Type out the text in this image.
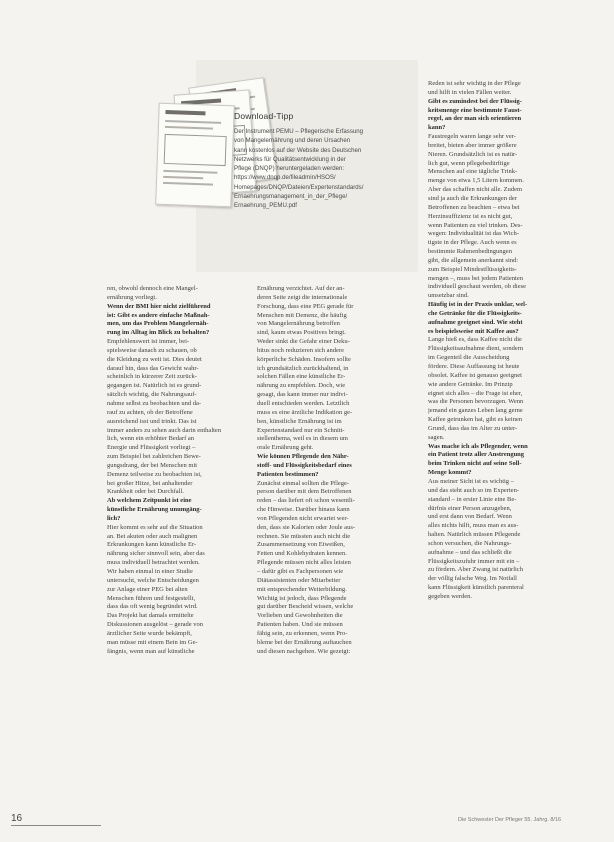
Download-Tipp
Der Instrument PEMU – Pflegerische Erfassung
von Mangelernährung und deren Ursachen
kann kostenlos auf der Website des Deutschen
Netzwerks für Qualitätsentwicklung in der
Pflege (DNQP) heruntergeladen werden:
https://www.dnqp.de/fileadmin/HSOS/
Homepages/DNQP/Dateien/Expertenstandards/
Ernaehrungsmanagement_in_der_Pflege/
Ernaehrung_PEMU.pdf
ren, obwohl dennoch eine Mangel-
ernährung vorliegt.
Wenn der BMI hier nicht zielführend
ist: Gibt es andere einfache Maßnah-
men, um das Problem Mangelernäh-
rung im Alltag im Blick zu behalten?
Empfehlenswert ist immer, bei-
spielsweise danach zu schauen, ob
die Kleidung zu weit ist. Dies deutet
darauf hin, dass das Gewicht wahr-
scheinlich in kürzerer Zeit zurück-
gegangen ist. Natürlich ist es grund-
sätzlich wichtig, die Nahrungsauf-
nahme selbst zu beobachten und da-
rauf zu achten, ob der Betroffene
ausreichend isst und trinkt. Das ist
immer anders zu sehen auch darin enthalten
lich, wenn ein erhöhter Bedarf an
Energie und Flüssigkeit vorliegt –
zum Beispiel bei zahlreichen Bewe-
gungsdrang, der bei Menschen mit
Demenz teilweise zu beobachten ist,
bei großer Hitze, bei anhaltender
Krankheit oder bei Durchfall.
Ab welchem Zeitpunkt ist eine
künstliche Ernährung unumgäng-
lich?
Hier kommt es sehr auf die Situation
an. Bei akuten oder auch malignen
Erkrankungen kann künstliche Er-
nährung sicher sinnvoll sein, aber das
muss individuell betrachtet werden.
Wir haben einmal in einer Studie
untersucht, welche Entscheidungen
zur Anlage einer PEG bei alten
Menschen führen und festgestellt,
dass das oft wenig begründet wird.
Das Projekt hat damals ermittelte
Diskussionen ausgelöst – gerade von
ärztlicher Seite wurde bekämpft,
man müsse mit einem Bein im Ge-
fängnis, wenn man auf künstliche
Ernährung verzichtet. Auf der an-
deren Seite zeigt die internationale
Forschung, dass eine PEG gerade für
Menschen mit Demenz, die häufig
von Mangelernährung betroffen
sind, kaum etwas Positives bringt.
Weder sinkt die Gefahr einer Deku-
bitus noch reduzieren sich andere
körperliche Schäden. Insofern sollte
ich grundsätzlich zurückhaltend, in
solchen Fällen eine künstliche Er-
nährung zu empfehlen. Doch, wie
gesagt, das kann immer nur indivi-
duell entschieden werden. Letztlich
muss es eine ärztliche Indikation ge-
ben, künstliche Ernährung ist im
Expertenstandard nur ein Schnitt-
stellenthema, weil es in diesem um
orale Ernährung geht.
Wie können Pflegende den Nähr-
stoff- und Flüssigkeitsbedarf eines
Patienten bestimmen?
Zunächst einmal sollten die Pflege-
person darüber mit dem Betroffenen
reden – das liefert oft schon wesentli-
che Hinweise. Darüber hinaus kann
von Pflegenden nicht erwartet wer-
den, dass sie Kalorien oder Joule aus-
rechnen. Sie müssten auch nicht die
Zusammensetzung von Eiweißen,
Fetten und Kohlehydraten kennen.
Pflegende müssen nicht alles leisten
– dafür gibt es Fachpersonen wie
Diätassistenten oder Mitarbeiter
mit entsprechender Weiterbildung.
Wichtig ist jedoch, dass Pflegende
gut darüber Bescheid wissen, welche
Vorlieben und Gewohnheiten die
Patienten haben. Und sie müssen
fähig sein, zu erkennen, wenn Pro-
bleme bei der Ernährung auftauchen
und diesen nachgehen. Wie gezeigt:
Reden ist sehr wichtig in der Pflege
und hilft in vielen Fällen weiter.
Gibt es zumindest bei der Flüssig-
keitsmenge eine bestimmte Faust-
regel, an der man sich orientieren
kann?
Faustregeln waren lange sehr ver-
breitet, bieten aber immer größere
Nieren. Grundsätzlich ist es natür-
lich gut, wenn pflegebedürftige
Menschen auf eine tägliche Trink-
menge von etwa 1,5 Litern kommen.
Aber das schaffen nicht alle. Zudem
sind ja auch die Erkrankungen der
Betroffenen zu beachten – etwa bei
Herzinsuffizienz ist es nicht gut,
wenn Patienten zu viel trinken. Des-
wegen: Individualität ist das Wich-
tigste in der Pflege. Auch wenn es
bestimmte Rahmenbedingungen
gibt, die allgemein anerkannt sind:
zum Beispiel Mindestflüssigkeits-
mengen –, muss bei jedem Patienten
individuell geschaut werden, ob diese
umsetzbar sind.
Häufig ist in der Praxis unklar, wel-
che Getränke für die Flüssigkeits-
aufnahme geeignet sind. Wie steht
es beispielsweise mit Kaffee aus?
Lange hieß es, dass Kaffee nicht die
Flüssigkeitsaufnahme dient, sondern
im Gegenteil die Ausscheidung
fördere. Diese Auffassung ist heute
obsolet. Kaffee ist genauso geeignet
wie andere Getränke. Im Prinzip
eignet sich alles – die Frage ist eher,
was die Personen bevorzugen. Wenn
jemand ein ganzes Leben lang gerne
Kaffee getrunken hat, gibt es keinen
Grund, dass das im Alter zu unter-
sagen.
Was mache ich als Pflegender, wenn
ein Patient trotz aller Anstrengung
beim Trinken nicht auf seine Soll-
Menge kommt?
Aus meiner Sicht ist es wichtig –
und das steht auch so im Experten-
standard – in erster Linie eine Be-
dürfnis einer Person anzugeben,
und erst dann von Bedarf. Wenn
alles nichts hilft, muss man es aus-
halten. Natürlich müssen Pflegende
schon versuchen, die Nahrungs-
aufnahme – und das schließt die
Flüssigkeitszufuhr immer mit ein –
zu fördern. Aber Zwang ist natürlich
der völlig falsche Weg. Im Notfall
kann Flüssigkeit künstlich parenteral
gegeben werden.
16	Die Schwester Der Pfleger 55. Jahrg. 8/16
